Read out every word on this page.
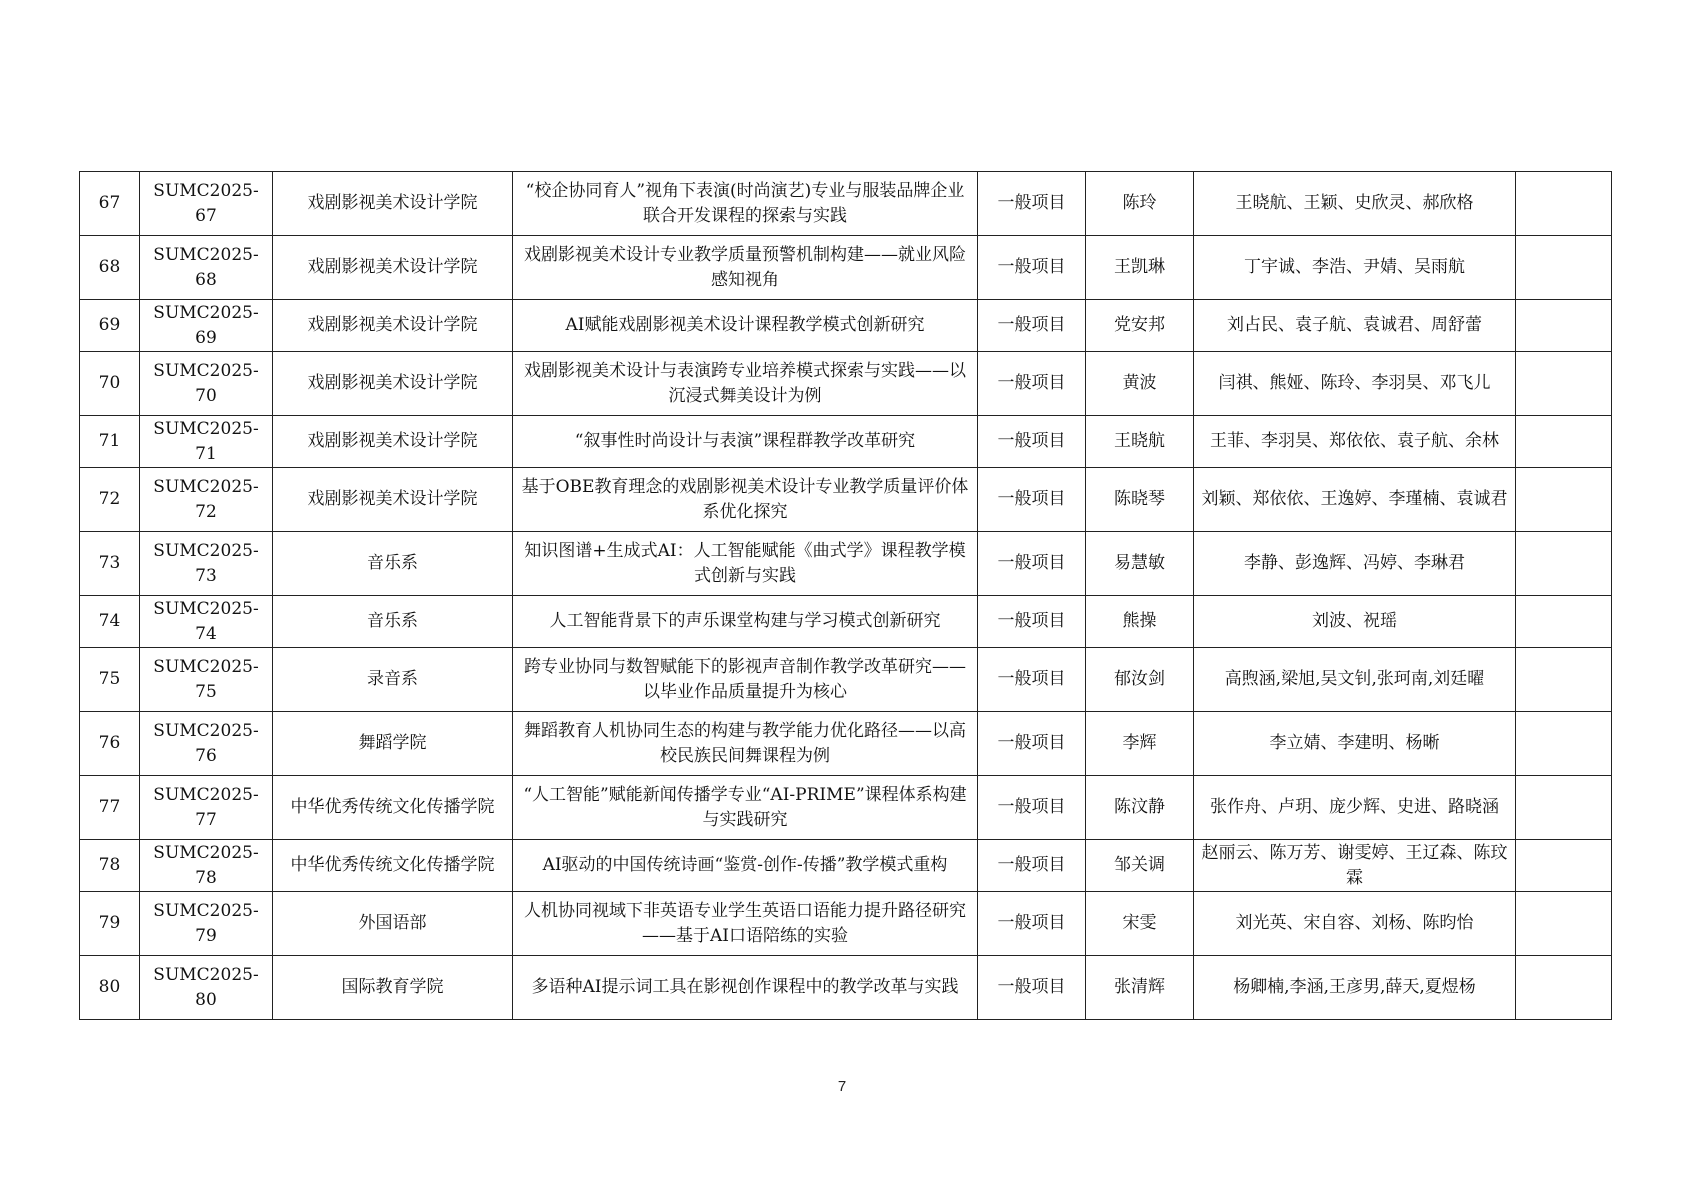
67	SUMC2025-67	戏剧影视美术设计学院	“校企协同育人”视角下表演(时尚演艺)专业与服装品牌企业联合开发课程的探索与实践	一般项目	陈玲	王晓航、王颖、史欣灵、郝欣格	
68	SUMC2025-68	戏剧影视美术设计学院	戏剧影视美术设计专业教学质量预警机制构建——就业风险感知视角	一般项目	王凯琳	丁宇诚、李浩、尹婧、吴雨航	
69	SUMC2025-69	戏剧影视美术设计学院	AI赋能戏剧影视美术设计课程教学模式创新研究	一般项目	党安邦	刘占民、袁子航、袁诚君、周舒蕾	
70	SUMC2025-70	戏剧影视美术设计学院	戏剧影视美术设计与表演跨专业培养模式探索与实践——以沉浸式舞美设计为例	一般项目	黄波	闫祺、熊娅、陈玲、李羽昊、邓飞儿	
71	SUMC2025-71	戏剧影视美术设计学院	“叙事性时尚设计与表演”课程群教学改革研究	一般项目	王晓航	王菲、李羽昊、郑依依、袁子航、余林	
72	SUMC2025-72	戏剧影视美术设计学院	基于OBE教育理念的戏剧影视美术设计专业教学质量评价体系优化探究	一般项目	陈晓琴	刘颖、郑依依、王逸婷、李瑾楠、袁诚君	
73	SUMC2025-73	音乐系	知识图谱+生成式AI：人工智能赋能《曲式学》课程教学模式创新与实践	一般项目	易慧敏	李静、彭逸辉、冯婷、李琳君	
74	SUMC2025-74	音乐系	人工智能背景下的声乐课堂构建与学习模式创新研究	一般项目	熊操	刘波、祝瑶	
75	SUMC2025-75	录音系	跨专业协同与数智赋能下的影视声音制作教学改革研究——以毕业作品质量提升为核心	一般项目	郁汝剑	高煦涵,梁旭,吴文钊,张珂南,刘廷曜	
76	SUMC2025-76	舞蹈学院	舞蹈教育人机协同生态的构建与教学能力优化路径——以高校民族民间舞课程为例	一般项目	李辉	李立婧、李建明、杨晰	
77	SUMC2025-77	中华优秀传统文化传播学院	“人工智能”赋能新闻传播学专业“AI-PRIME”课程体系构建与实践研究	一般项目	陈汶静	张作舟、卢玥、庞少辉、史进、路晓涵	
78	SUMC2025-78	中华优秀传统文化传播学院	AI驱动的中国传统诗画“鉴赏-创作-传播”教学模式重构	一般项目	邹关调	赵丽云、陈万芳、谢雯婷、王辽森、陈玟霖	
79	SUMC2025-79	外国语部	人机协同视域下非英语专业学生英语口语能力提升路径研究——基于AI口语陪练的实验	一般项目	宋雯	刘光英、宋自容、刘杨、陈昀怡	
80	SUMC2025-80	国际教育学院	多语种AI提示词工具在影视创作课程中的教学改革与实践	一般项目	张清辉	杨卿楠,李涵,王彦男,薛天,夏煜杨	
7
